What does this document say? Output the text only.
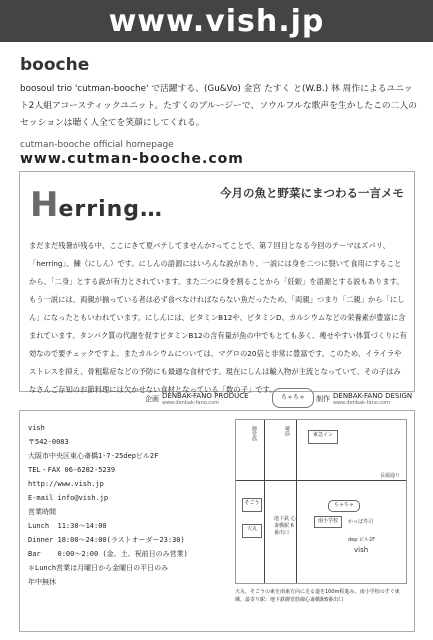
www.vish.jp
booche

boosoul trio 'cutman-booche' で活躍する、(Gu&Vo) 金宮 たすく と(W.B.) 林 周作によるユニット2人組アコースティックユニット。たすくのブルージーで、ソウルフルな歌声を生かしたこの二人のセッションは聴く人全てを笑顔にしてくれる。

cutman-booche official homepage
www.cutman-booche.com
Herring…
今月の魚と野菜にまつわる一言メモ

まだまだ残暑が残る中、ここにきて夏バテしてませんか?ってことで、第７回目となる今回のテーマはズバリ、「herring」、鰊（にしん）です。にしんの語源にはいろんな説があり、一説には身を二つに裂いて食用にすることから、「二身」とする説が有力とされています。また二つに身を割ることから「妊娠」を語源とする説もあります。もう一説には、両親が揃っている者は必ず食べなければならない魚だったため、「両親」つまり「二親」から「にしん」になったともいわれています。にしんには、ビタミンB12や、ビタミンD、カルシウムなどの栄養素が豊富に含まれています。タンパク質の代謝を促すビタミンB12の含有量が魚の中でもとても多く、痩せやすい体質づくりに有効なので要チェックですよ。またカルシウムについては、マグロの20倍と非常に豊富です。このため、イライラやストレスを抑え、骨粗鬆症などの予防にも最適な食材です。現在にしんは輸入物が主流となっていて、その子はみなさんご存知のお節料理には欠かせない食材となっている「数の子」です。

企画 DENBAK-FANO PRODUCE
www.denbak-fano.com
ちゃちゃ	制作 DENBAK-FANO DESIGN
www.denbak-fano.com
vish
〒542-0083
大阪市中央区東心斎橋1-7-25depビル2F
TEL・FAX 06-6282-5239
http://www.vish.jp
E-mail info@vish.jp
営業時間
Lunch  11:30～14:00
Dinner 18:00～24:00(ラストオーダー23:30)
Bar    0:00～2:00 (金、土、祝前日のみ営業)
＊Lunch営業は月曜日から金曜日の平日のみ
年中無休
御堂筋	堺筋
長堀通り
東急イン
そごう
大丸
地下鉄 心斎橋駅 6番出口
南小学校	かっぱ寿司
dep ビル2F
vish
ちゃちゃ
大丸、そごうの東を南東方向に走る道を100m程進み、南小学校のすぐ東隣。最寄り駅：地下鉄御堂筋線心斎橋駅6番出口
